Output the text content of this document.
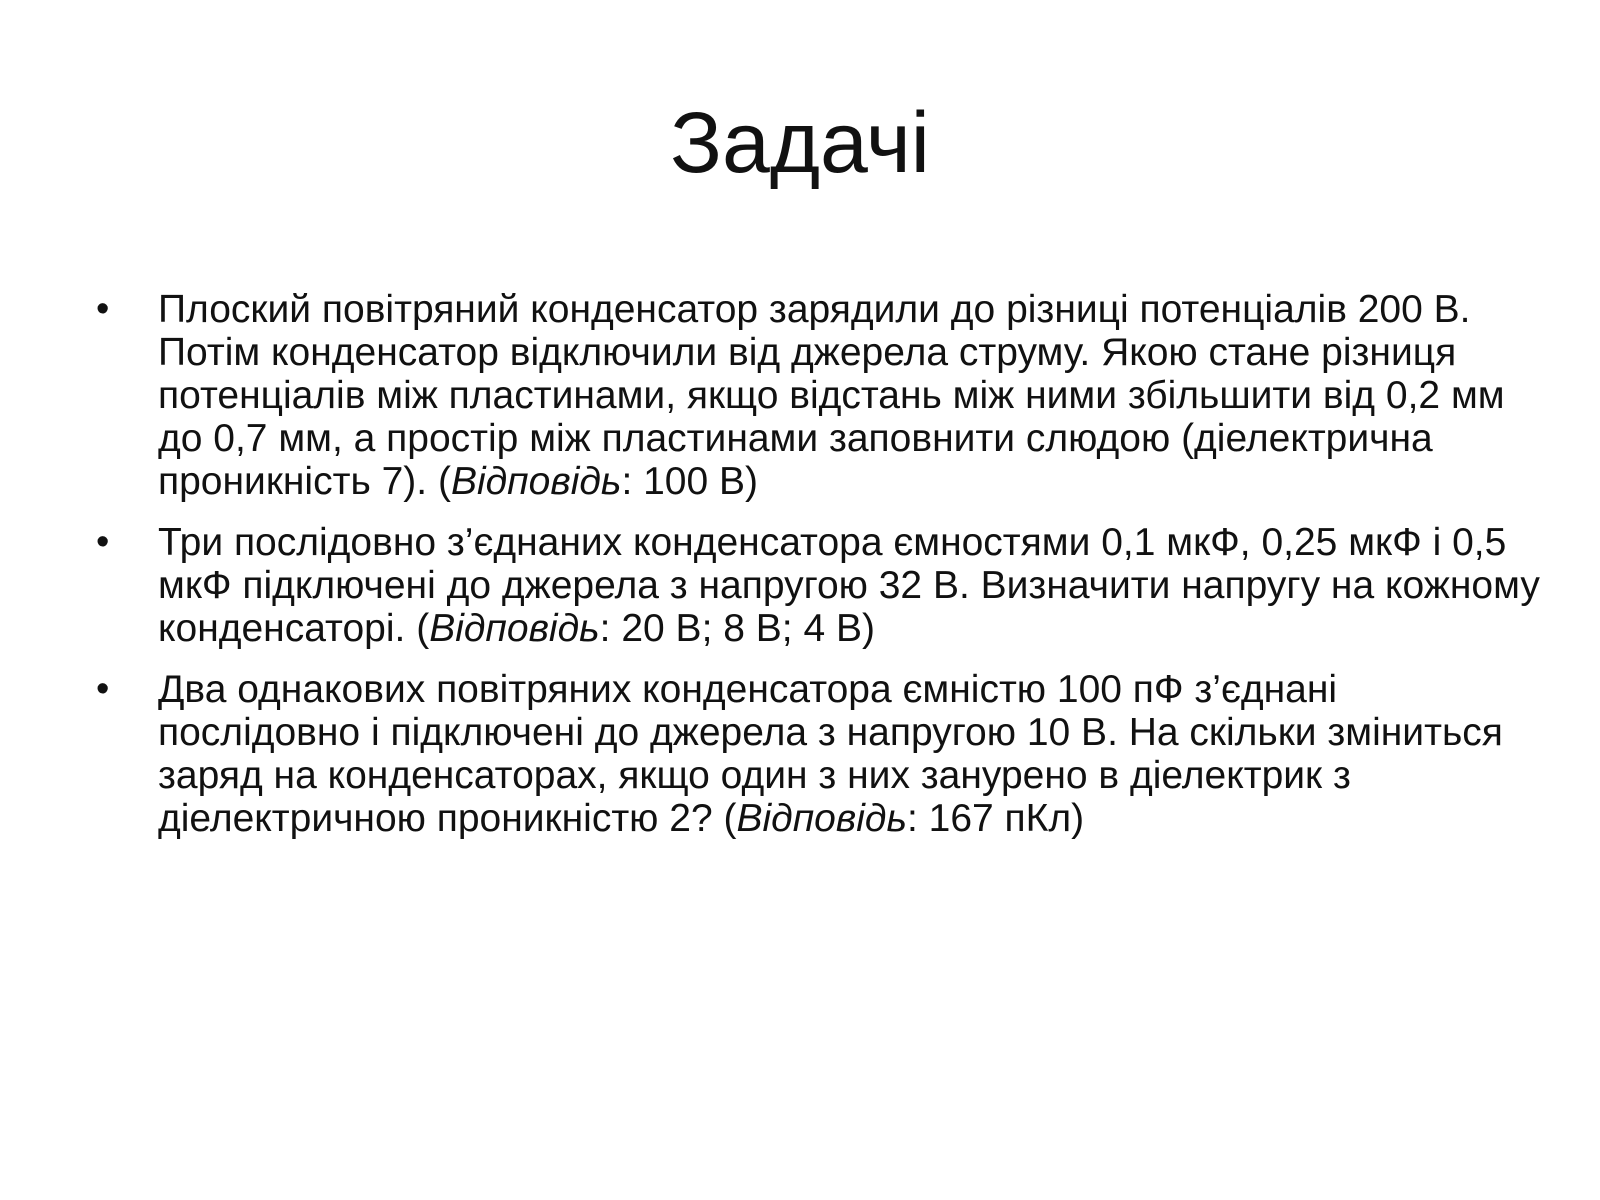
Задачі
• Плоский повітряний конденсатор зарядили до різниці потенціалів 200 В. Потім конденсатор відключили від джерела струму. Якою стане різниця потенціалів між пластинами, якщо відстань між ними збільшити від 0,2 мм до 0,7 мм, а простір між пластинами заповнити слюдою (діелектрична проникність 7). (Відповідь: 100 В)
• Три послідовно з’єднаних конденсатора ємностями 0,1 мкФ, 0,25 мкФ і 0,5 мкФ підключені до джерела з напругою 32 В. Визначити напругу на кожному конденсаторі. (Відповідь: 20 В; 8 В; 4 В)
• Два однакових повітряних конденсатора ємністю 100 пФ з’єднані послідовно і підключені до джерела з напругою 10 В. На скільки зміниться заряд на конденсаторах, якщо один з них занурено в діелектрик з діелектричною проникністю 2? (Відповідь: 167 пКл)
